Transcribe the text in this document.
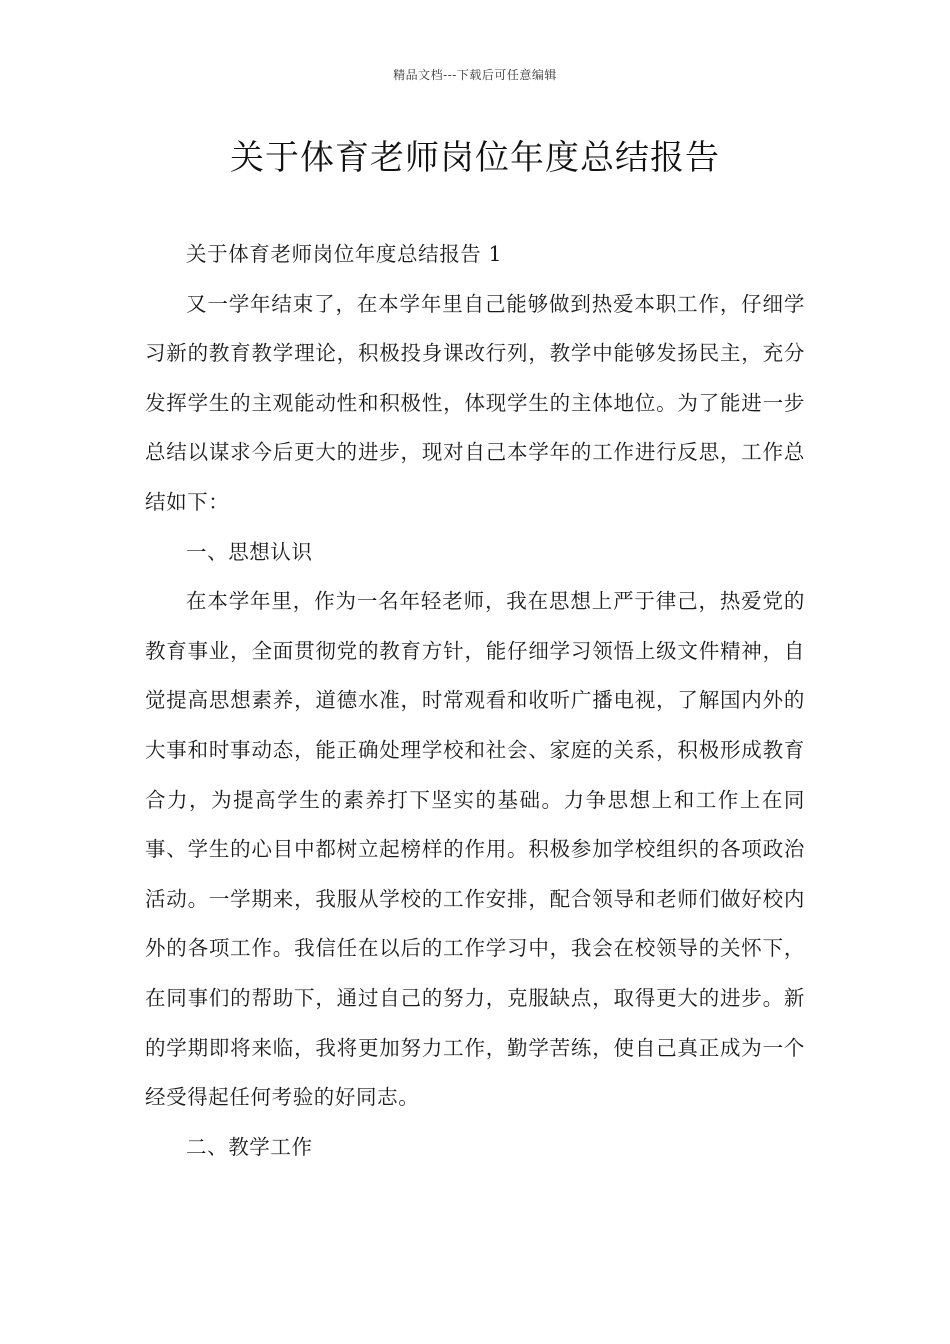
精品文档---下载后可任意编辑
关于体育老师岗位年度总结报告

关于体育老师岗位年度总结报告 1

又一学年结束了，在本学年里自己能够做到热爱本职工作，仔细学习新的教育教学理论，积极投身课改行列，教学中能够发扬民主，充分发挥学生的主观能动性和积极性，体现学生的主体地位。为了能进一步总结以谋求今后更大的进步，现对自己本学年的工作进行反思，工作总结如下：

一、思想认识

在本学年里，作为一名年轻老师，我在思想上严于律己，热爱党的教育事业，全面贯彻党的教育方针，能仔细学习领悟上级文件精神，自觉提高思想素养，道德水准，时常观看和收听广播电视，了解国内外的大事和时事动态，能正确处理学校和社会、家庭的关系，积极形成教育合力，为提高学生的素养打下坚实的基础。力争思想上和工作上在同事、学生的心目中都树立起榜样的作用。积极参加学校组织的各项政治活动。一学期来，我服从学校的工作安排，配合领导和老师们做好校内外的各项工作。我信任在以后的工作学习中，我会在校领导的关怀下，在同事们的帮助下，通过自己的努力，克服缺点，取得更大的进步。新的学期即将来临，我将更加努力工作，勤学苦练，使自己真正成为一个经受得起任何考验的好同志。

二、教学工作
